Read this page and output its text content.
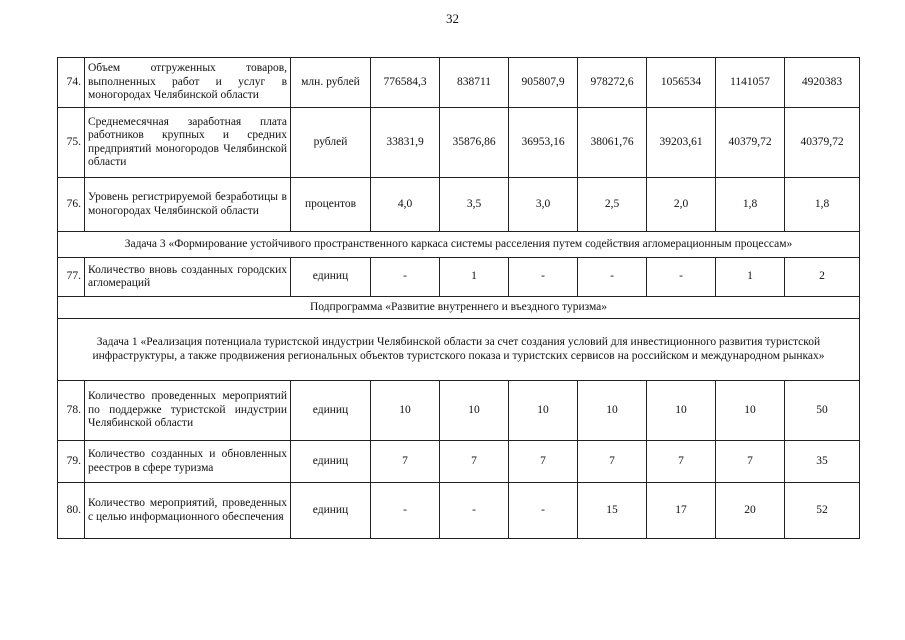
32
74.	Объем отгруженных товаров, выполненных работ и услуг в моногородах Челябинской области	млн. рублей	776584,3	838711	905807,9	978272,6	1056534	1141057	4920383
75.	Среднемесячная заработная плата работников крупных и средних предприятий моногородов Челябинской области	рублей	33831,9	35876,86	36953,16	38061,76	39203,61	40379,72	40379,72
76.	Уровень регистрируемой безработицы в моногородах Челябинской области	процентов	4,0	3,5	3,0	2,5	2,0	1,8	1,8
Задача 3 «Формирование устойчивого пространственного каркаса системы расселения путем содействия агломерационным процессам»									
77.	Количество вновь созданных городских агломераций	единиц	-	1	-	-	-	1	2
Подпрограмма «Развитие внутреннего и въездного туризма»									
Задача 1 «Реализация потенциала туристской индустрии Челябинской области за счет создания условий для инвестиционного развития туристской инфраструктуры, а также продвижения региональных объектов туристского показа и туристских сервисов на российском и международном рынках»									
78.	Количество проведенных мероприятий по поддержке туристской индустрии Челябинской области	единиц	10	10	10	10	10	10	50
79.	Количество созданных и обновленных реестров в сфере туризма	единиц	7	7	7	7	7	7	35
80.	Количество мероприятий, проведенных с целью информационного обеспечения	единиц	-	-	-	15	17	20	52
